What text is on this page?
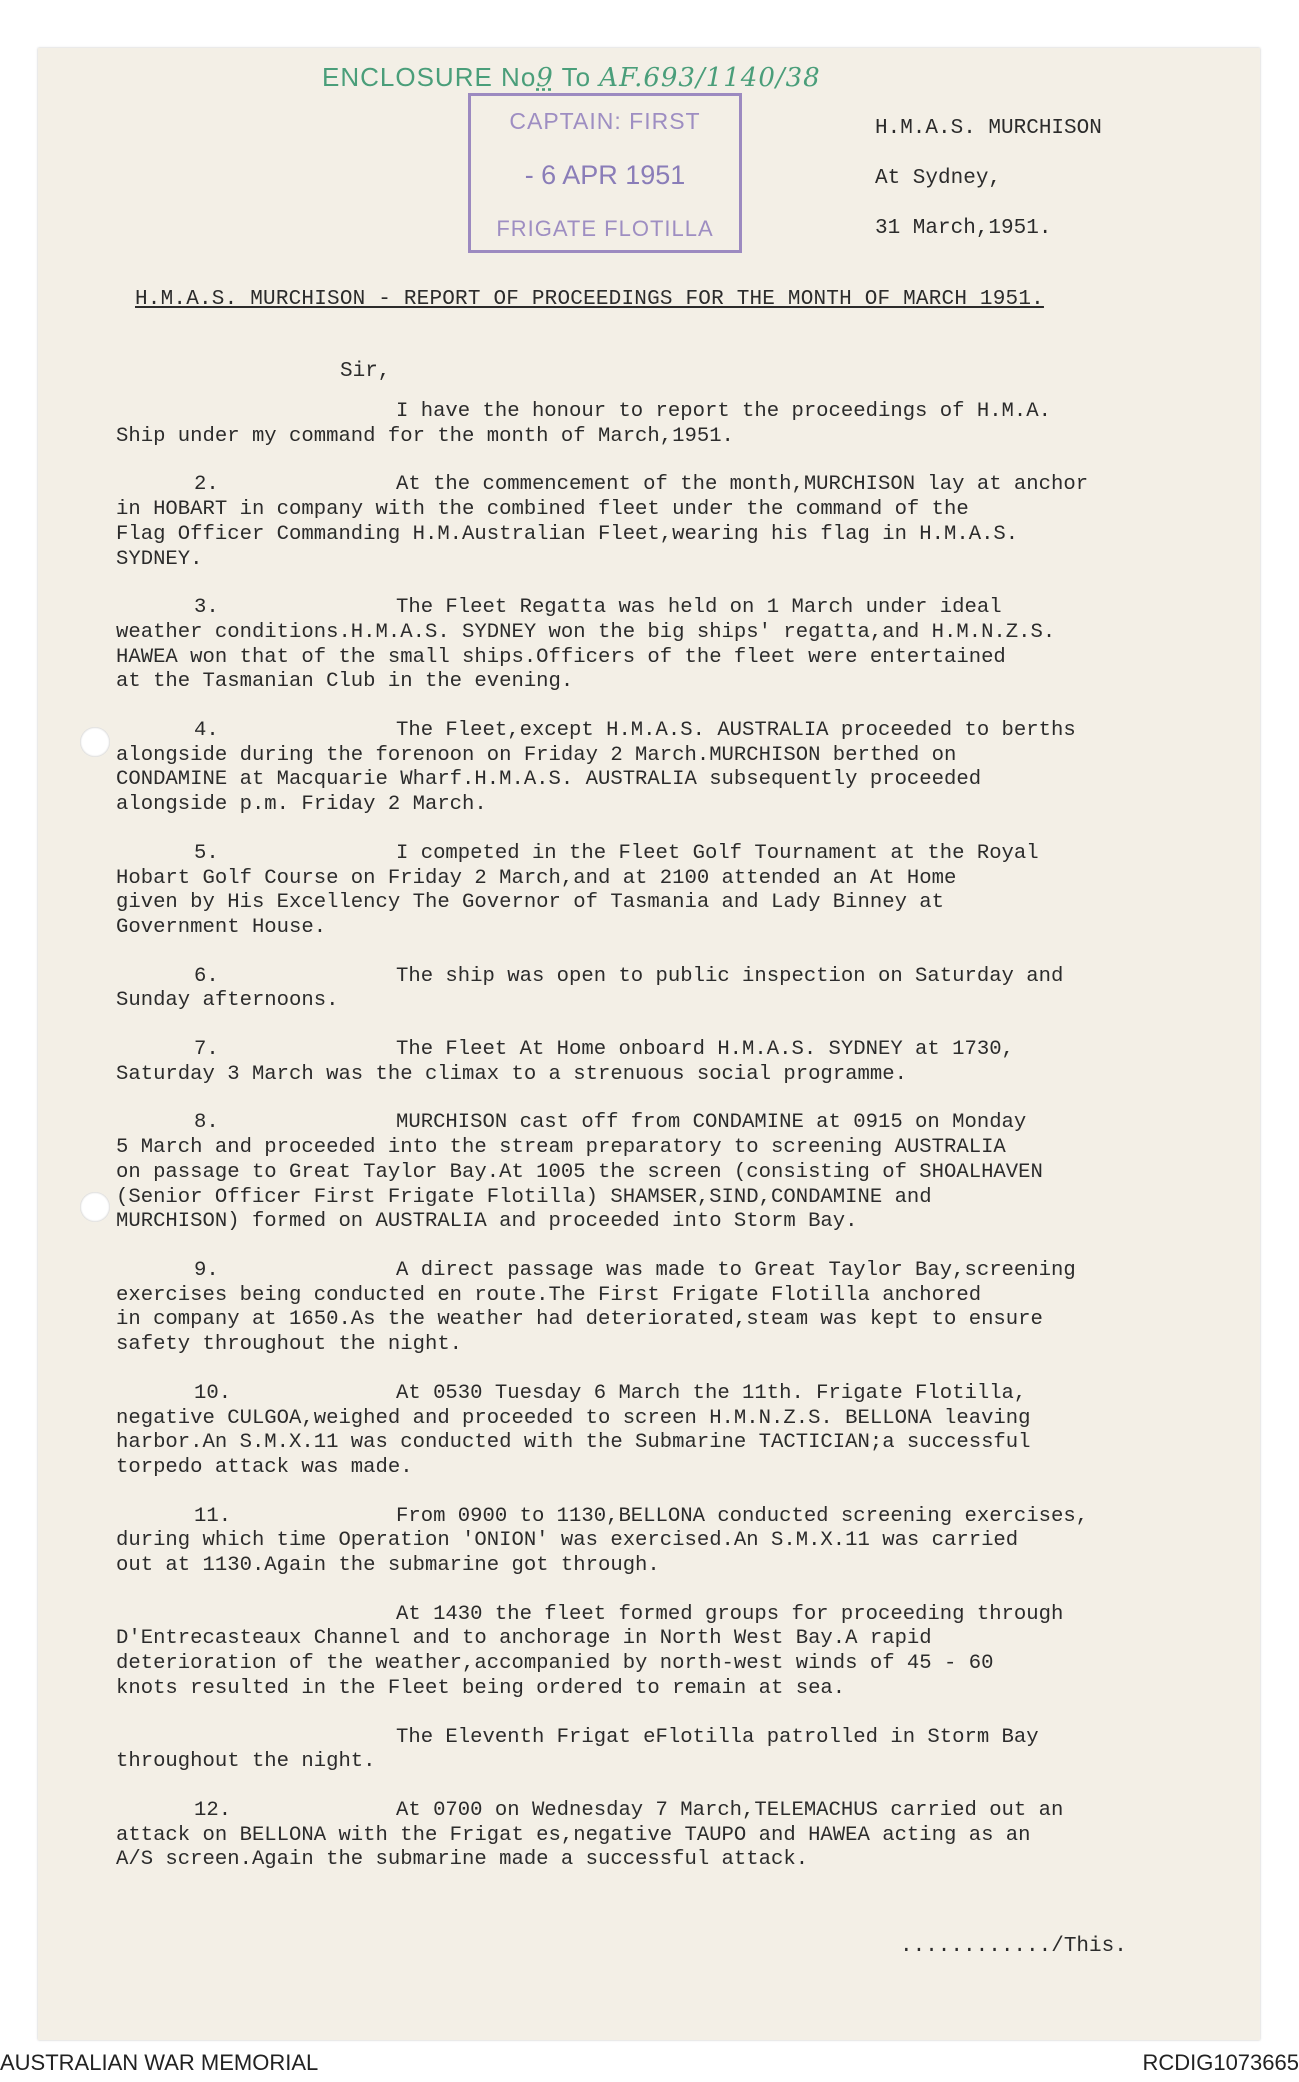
ENCLOSURE No9 To AF.693/1140/38
CAPTAIN: FIRST
- 6 APR 1951
FRIGATE FLOTILLA
H.M.A.S. MURCHISON
At Sydney,
31 March,1951.
H.M.A.S. MURCHISON - REPORT OF PROCEEDINGS FOR THE MONTH OF MARCH 1951.
Sir,
I have the honour to report the proceedings of H.M.A.
Ship under my command for the month of March,1951.
2.	At the commencement of the month,MURCHISON lay at anchor
in HOBART in company with the combined fleet under the command of the
Flag Officer Commanding H.M.Australian Fleet,wearing his flag in H.M.A.S.
SYDNEY.
3.	The Fleet Regatta was held on 1 March under ideal
weather conditions.H.M.A.S. SYDNEY won the big ships' regatta,and H.M.N.Z.S.
HAWEA won that of the small ships.Officers of the fleet were entertained
at the Tasmanian Club in the evening.
4.	The Fleet,except H.M.A.S. AUSTRALIA proceeded to berths
alongside during the forenoon on Friday 2 March.MURCHISON berthed on
CONDAMINE at Macquarie Wharf.H.M.A.S. AUSTRALIA subsequently proceeded
alongside p.m. Friday 2 March.
5.	I competed in the Fleet Golf Tournament at the Royal
Hobart Golf Course on Friday 2 March,and at 2100 attended an At Home
given by His Excellency The Governor of Tasmania and Lady Binney at
Government House.
6.	The ship was open to public inspection on Saturday and
Sunday afternoons.
7.	The Fleet At Home onboard H.M.A.S. SYDNEY at 1730,
Saturday 3 March was the climax to a strenuous social programme.
8.	MURCHISON cast off from CONDAMINE at 0915 on Monday
5 March and proceeded into the stream preparatory to screening AUSTRALIA
on passage to Great Taylor Bay.At 1005 the screen (consisting of SHOALHAVEN
(Senior Officer First Frigate Flotilla) SHAMSER,SIND,CONDAMINE and
MURCHISON) formed on AUSTRALIA and proceeded into Storm Bay.
9.	A direct passage was made to Great Taylor Bay,screening
exercises being conducted en route.The First Frigate Flotilla anchored
in company at 1650.As the weather had deteriorated,steam was kept to ensure
safety throughout the night.
10.	At 0530 Tuesday 6 March the 11th. Frigate Flotilla,
negative CULGOA,weighed and proceeded to screen H.M.N.Z.S. BELLONA leaving
harbor.An S.M.X.11 was conducted with the Submarine TACTICIAN;a successful
torpedo attack was made.
11.	From 0900 to 1130,BELLONA conducted screening exercises,
during which time Operation 'ONION' was exercised.An S.M.X.11 was carried
out at 1130.Again the submarine got through.
At 1430 the fleet formed groups for proceeding through
D'Entrecasteaux Channel and to anchorage in North West Bay.A rapid
deterioration of the weather,accompanied by north-west winds of 45 - 60
knots resulted in the Fleet being ordered to remain at sea.
The Eleventh Frigat eFlotilla patrolled in Storm Bay
throughout the night.
12.	At 0700 on Wednesday 7 March,TELEMACHUS carried out an
attack on BELLONA with the Frigat es,negative TAUPO and HAWEA acting as an
A/S screen.Again the submarine made a successful attack.
............/This.
AUSTRALIAN WAR MEMORIAL	RCDIG1073665
